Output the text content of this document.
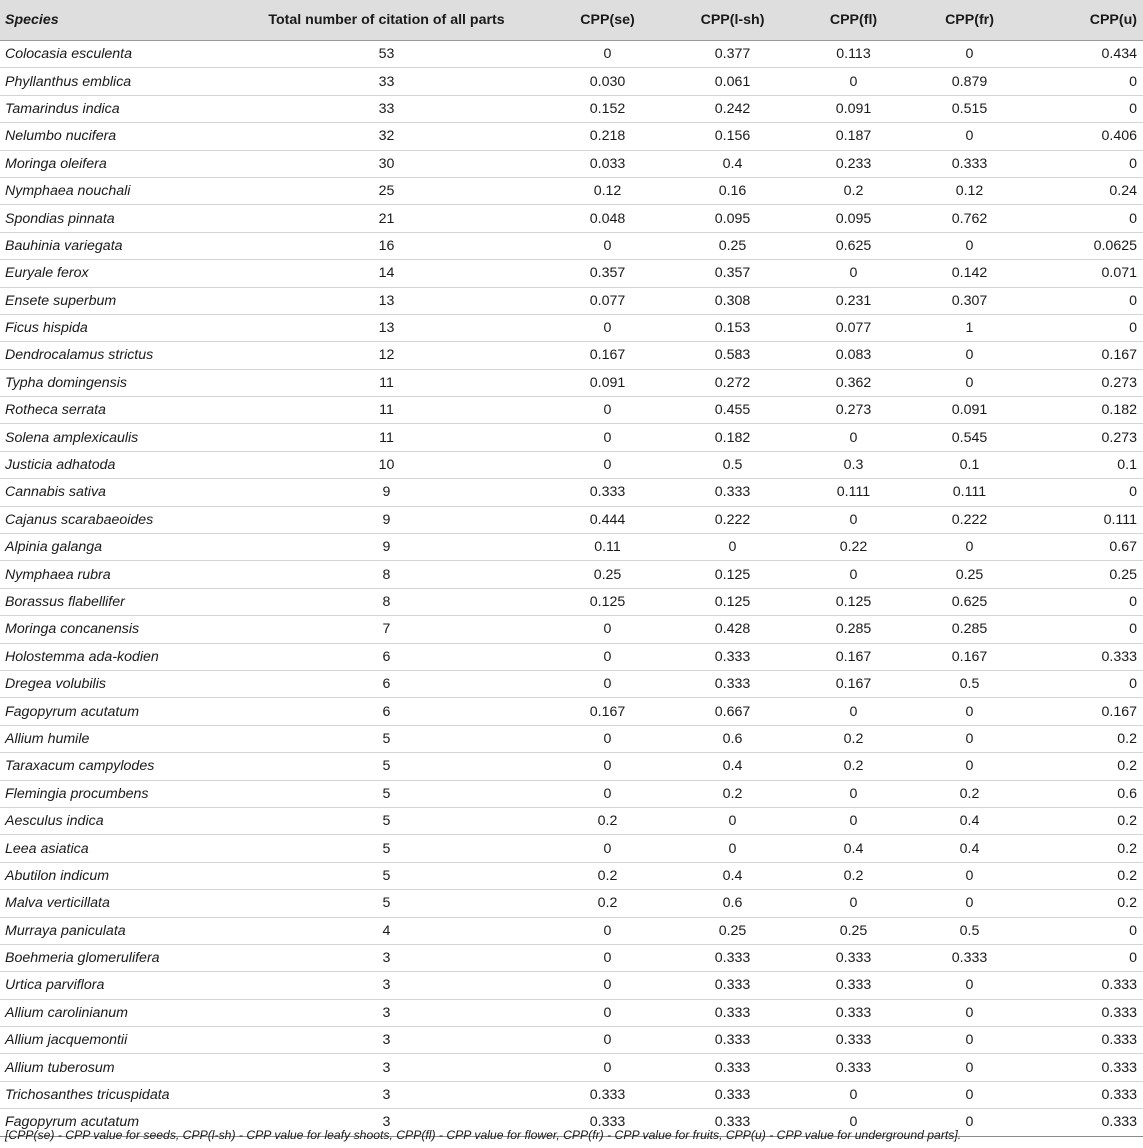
Species	Total number of citation of all parts	CPP(se)	CPP(l-sh)	CPP(fl)	CPP(fr)	CPP(u)
Colocasia esculenta	53	0	0.377	0.113	0	0.434
Phyllanthus emblica	33	0.030	0.061	0	0.879	0
Tamarindus indica	33	0.152	0.242	0.091	0.515	0
Nelumbo nucifera	32	0.218	0.156	0.187	0	0.406
Moringa oleifera	30	0.033	0.4	0.233	0.333	0
Nymphaea nouchali	25	0.12	0.16	0.2	0.12	0.24
Spondias pinnata	21	0.048	0.095	0.095	0.762	0
Bauhinia variegata	16	0	0.25	0.625	0	0.0625
Euryale ferox	14	0.357	0.357	0	0.142	0.071
Ensete superbum	13	0.077	0.308	0.231	0.307	0
Ficus hispida	13	0	0.153	0.077	1	0
Dendrocalamus strictus	12	0.167	0.583	0.083	0	0.167
Typha domingensis	11	0.091	0.272	0.362	0	0.273
Rotheca serrata	11	0	0.455	0.273	0.091	0.182
Solena amplexicaulis	11	0	0.182	0	0.545	0.273
Justicia adhatoda	10	0	0.5	0.3	0.1	0.1
Cannabis sativa	9	0.333	0.333	0.111	0.111	0
Cajanus scarabaeoides	9	0.444	0.222	0	0.222	0.111
Alpinia galanga	9	0.11	0	0.22	0	0.67
Nymphaea rubra	8	0.25	0.125	0	0.25	0.25
Borassus flabellifer	8	0.125	0.125	0.125	0.625	0
Moringa concanensis	7	0	0.428	0.285	0.285	0
Holostemma ada-kodien	6	0	0.333	0.167	0.167	0.333
Dregea volubilis	6	0	0.333	0.167	0.5	0
Fagopyrum acutatum	6	0.167	0.667	0	0	0.167
Allium humile	5	0	0.6	0.2	0	0.2
Taraxacum campylodes	5	0	0.4	0.2	0	0.2
Flemingia procumbens	5	0	0.2	0	0.2	0.6
Aesculus indica	5	0.2	0	0	0.4	0.2
Leea asiatica	5	0	0	0.4	0.4	0.2
Abutilon indicum	5	0.2	0.4	0.2	0	0.2
Malva verticillata	5	0.2	0.6	0	0	0.2
Murraya paniculata	4	0	0.25	0.25	0.5	0
Boehmeria glomerulifera	3	0	0.333	0.333	0.333	0
Urtica parviflora	3	0	0.333	0.333	0	0.333
Allium carolinianum	3	0	0.333	0.333	0	0.333
Allium jacquemontii	3	0	0.333	0.333	0	0.333
Allium tuberosum	3	0	0.333	0.333	0	0.333
Trichosanthes tricuspidata	3	0.333	0.333	0	0	0.333
Fagopyrum acutatum	3	0.333	0.333	0	0	0.333
[CPP(se) - CPP value for seeds, CPP(l-sh) - CPP value for leafy shoots, CPP(fl) - CPP value for flower, CPP(fr) - CPP value for fruits, CPP(u) - CPP value for underground parts].
